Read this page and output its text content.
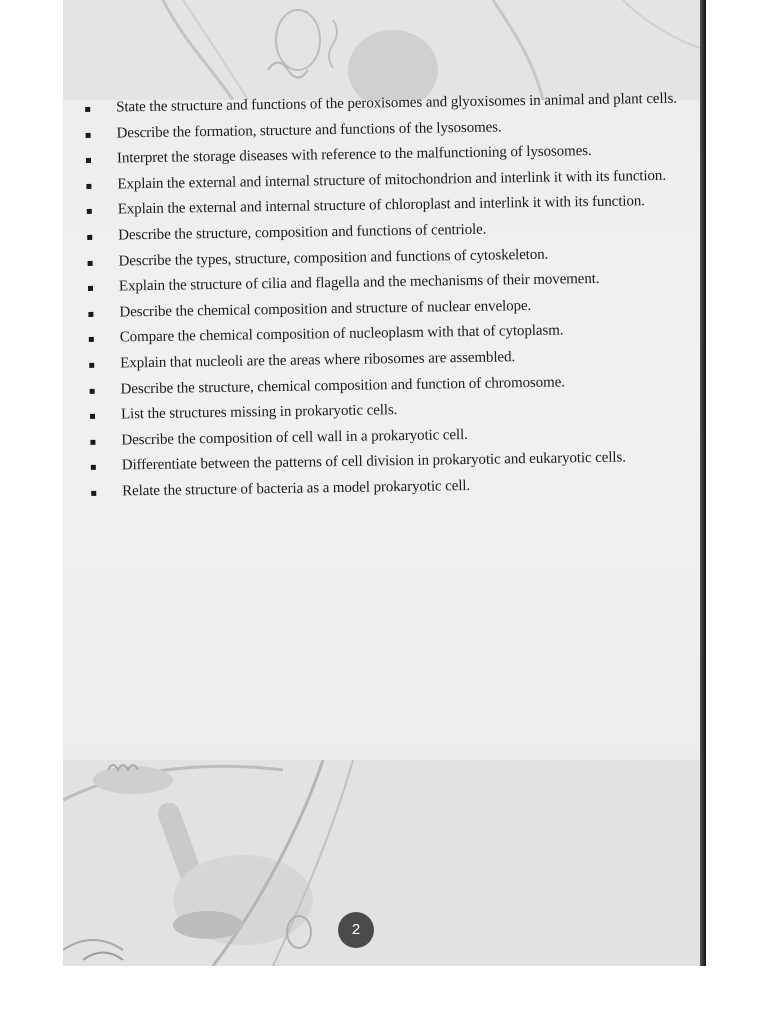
State the structure and functions of the peroxisomes and glyoxisomes in animal and plant cells.
Describe the formation, structure and functions of the lysosomes.
Interpret the storage diseases with reference to the malfunctioning of lysosomes.
Explain the external and internal structure of mitochondrion and interlink it with its function.
Explain the external and internal structure of chloroplast and interlink it with its function.
Describe the structure, composition and functions of centriole.
Describe the types, structure, composition and functions of cytoskeleton.
Explain the structure of cilia and flagella and the mechanisms of their movement.
Describe the chemical composition and structure of nuclear envelope.
Compare the chemical composition of nucleoplasm with that of cytoplasm.
Explain that nucleoli are the areas where ribosomes are assembled.
Describe the structure, chemical composition and function of chromosome.
List the structures missing in prokaryotic cells.
Describe the composition of cell wall in a prokaryotic cell.
Differentiate between the patterns of cell division in prokaryotic and eukaryotic cells.
Relate the structure of bacteria as a model prokaryotic cell.
2
